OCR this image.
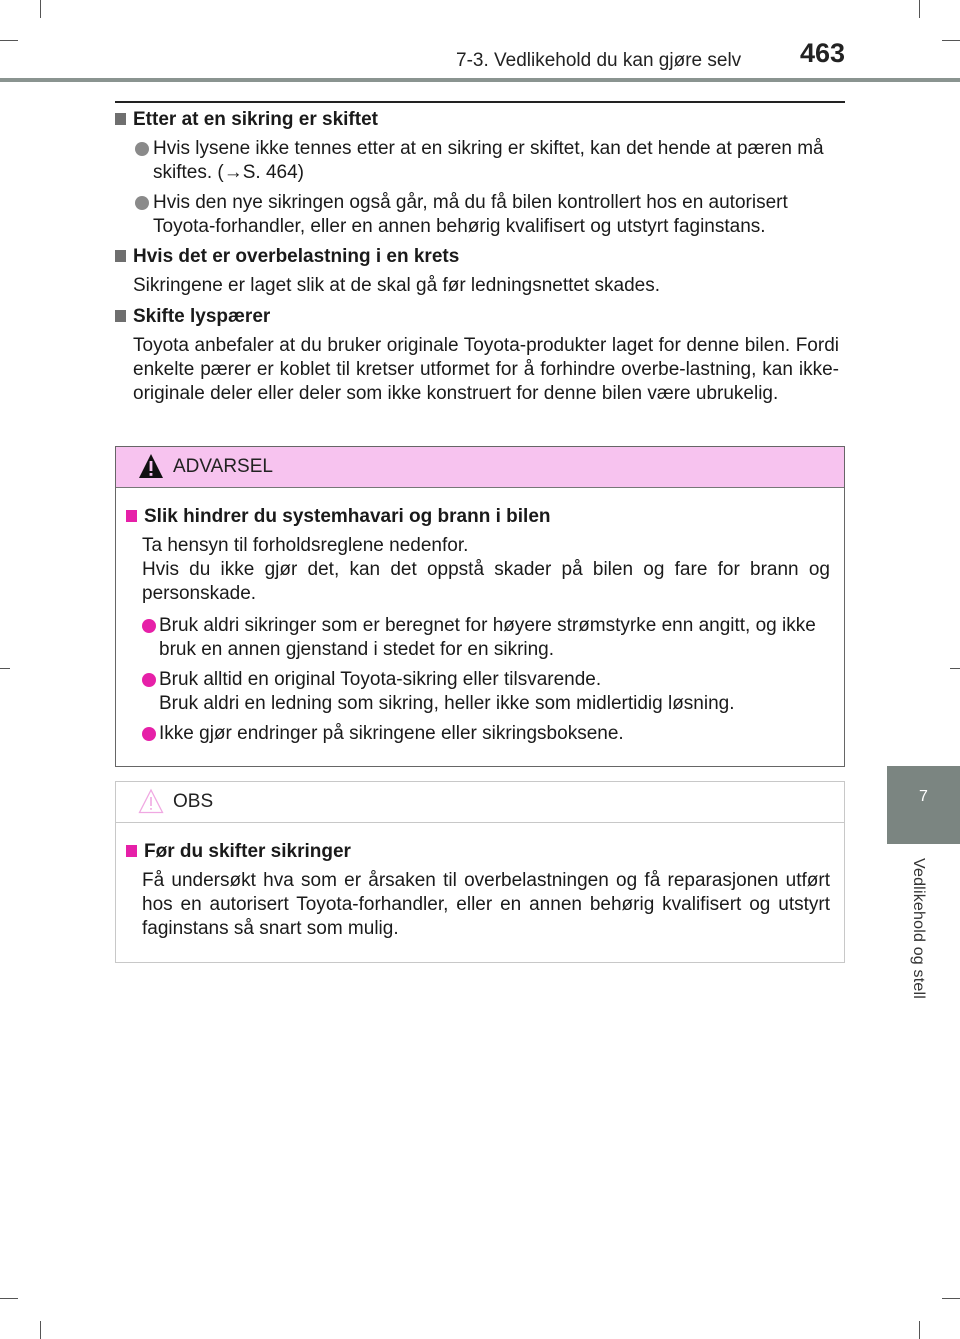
7-3. Vedlikehold du kan gjøre selv 463
7
Vedlikehold og stell
Etter at en sikring er skiftet
Hvis lysene ikke tennes etter at en sikring er skiftet, kan det hende at pæren må skiftes. (→S. 464)
Hvis den nye sikringen også går, må du få bilen kontrollert hos en autorisert Toyota-forhandler, eller en annen behørig kvalifisert og utstyrt faginstans.
Hvis det er overbelastning i en krets
Sikringene er laget slik at de skal gå før ledningsnettet skades.
Skifte lyspærer
Toyota anbefaler at du bruker originale Toyota-produkter laget for denne bilen. Fordi enkelte pærer er koblet til kretser utformet for å forhindre overbe-lastning, kan ikke-originale deler eller deler som ikke konstruert for denne bilen være ubrukelig.
ADVARSEL
Slik hindrer du systemhavari og brann i bilen
Ta hensyn til forholdsreglene nedenfor.
Hvis du ikke gjør det, kan det oppstå skader på bilen og fare for brann og personskade.
Bruk aldri sikringer som er beregnet for høyere strømstyrke enn angitt, og ikke bruk en annen gjenstand i stedet for en sikring.
Bruk alltid en original Toyota-sikring eller tilsvarende.
Bruk aldri en ledning som sikring, heller ikke som midlertidig løsning.
Ikke gjør endringer på sikringene eller sikringsboksene.
OBS
Før du skifter sikringer
Få undersøkt hva som er årsaken til overbelastningen og få reparasjonen utført hos en autorisert Toyota-forhandler, eller en annen behørig kvalifisert og utstyrt faginstans så snart som mulig.
